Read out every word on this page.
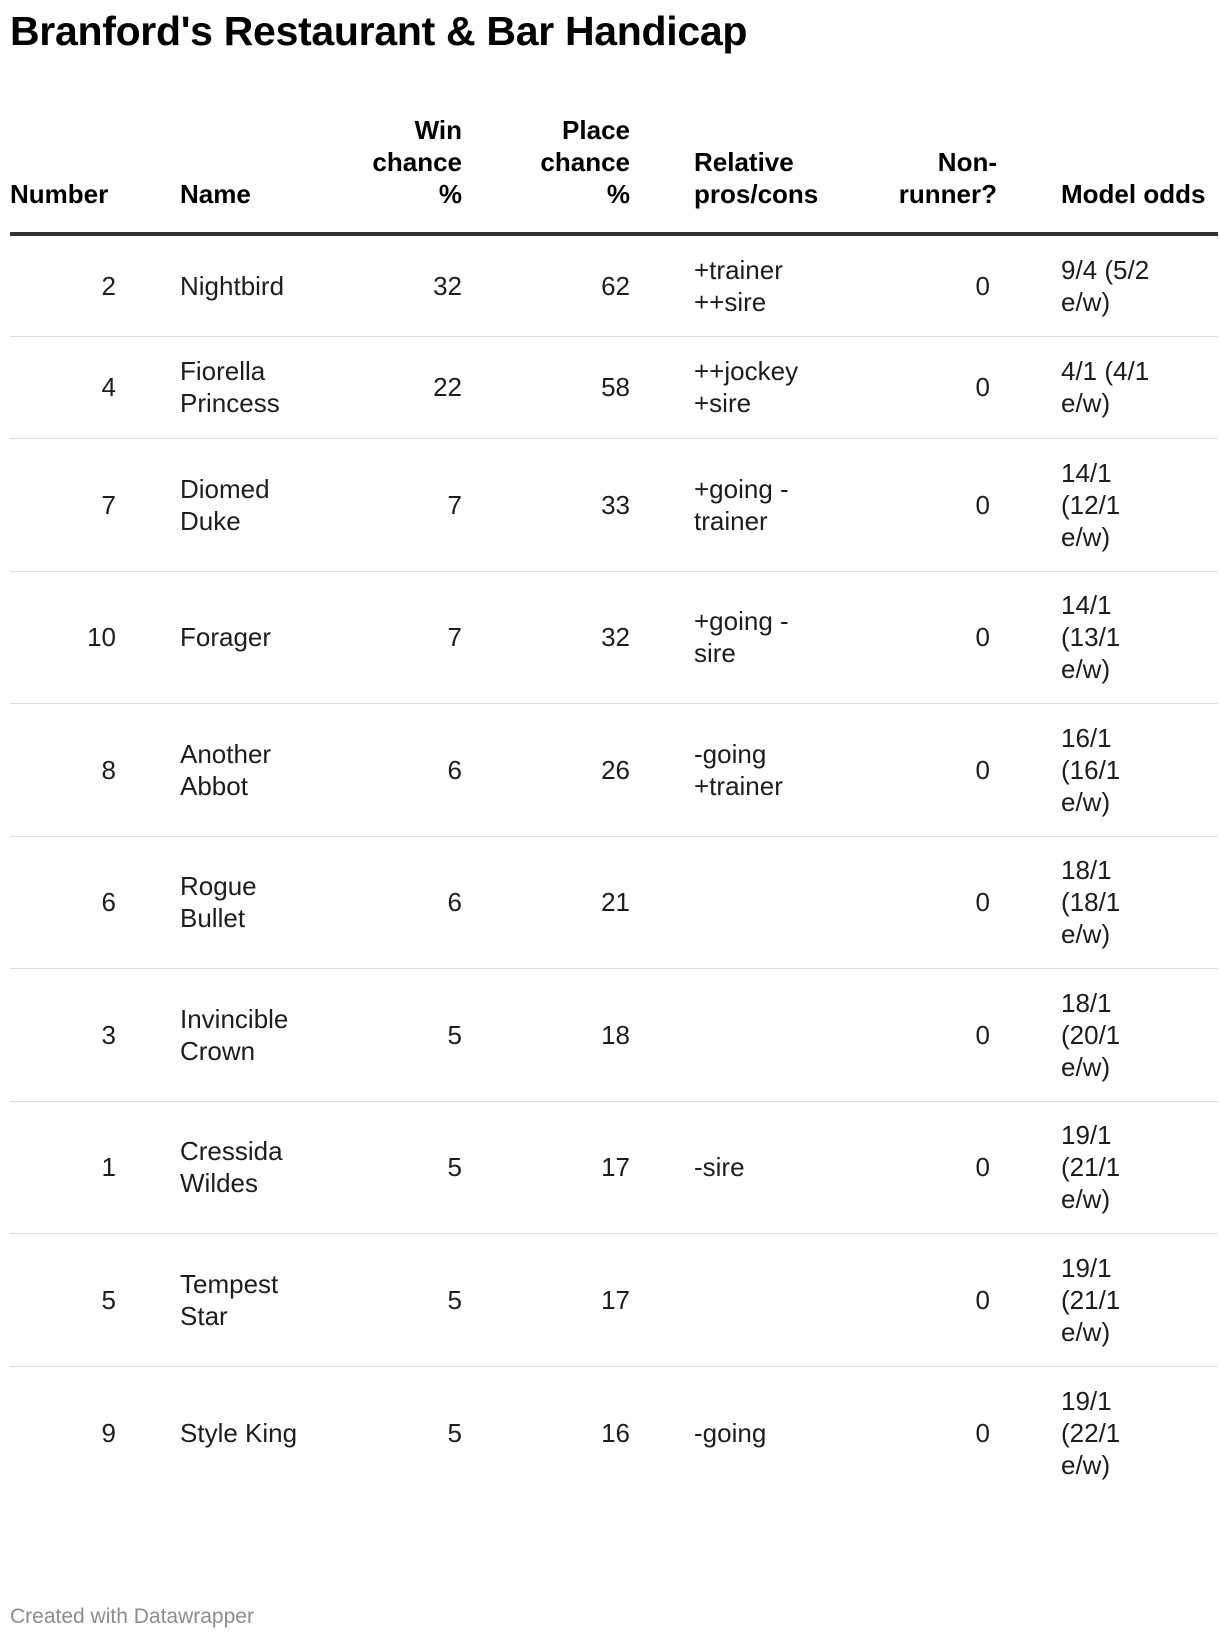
Branford's Restaurant & Bar Handicap
Number	Name	Win chance %	Place chance %	Relative pros/cons	Non-runner?	Model odds
2	Nightbird	32	62	+trainer ++sire	0	9/4 (5/2 e/w)
4	Fiorella Princess	22	58	++jockey +sire	0	4/1 (4/1 e/w)
7	Diomed Duke	7	33	+going -trainer	0	14/1 (12/1 e/w)
10	Forager	7	32	+going -sire	0	14/1 (13/1 e/w)
8	Another Abbot	6	26	-going +trainer	0	16/1 (16/1 e/w)
6	Rogue Bullet	6	21		0	18/1 (18/1 e/w)
3	Invincible Crown	5	18		0	18/1 (20/1 e/w)
1	Cressida Wildes	5	17	-sire	0	19/1 (21/1 e/w)
5	Tempest Star	5	17		0	19/1 (21/1 e/w)
9	Style King	5	16	-going	0	19/1 (22/1 e/w)
Created with Datawrapper
